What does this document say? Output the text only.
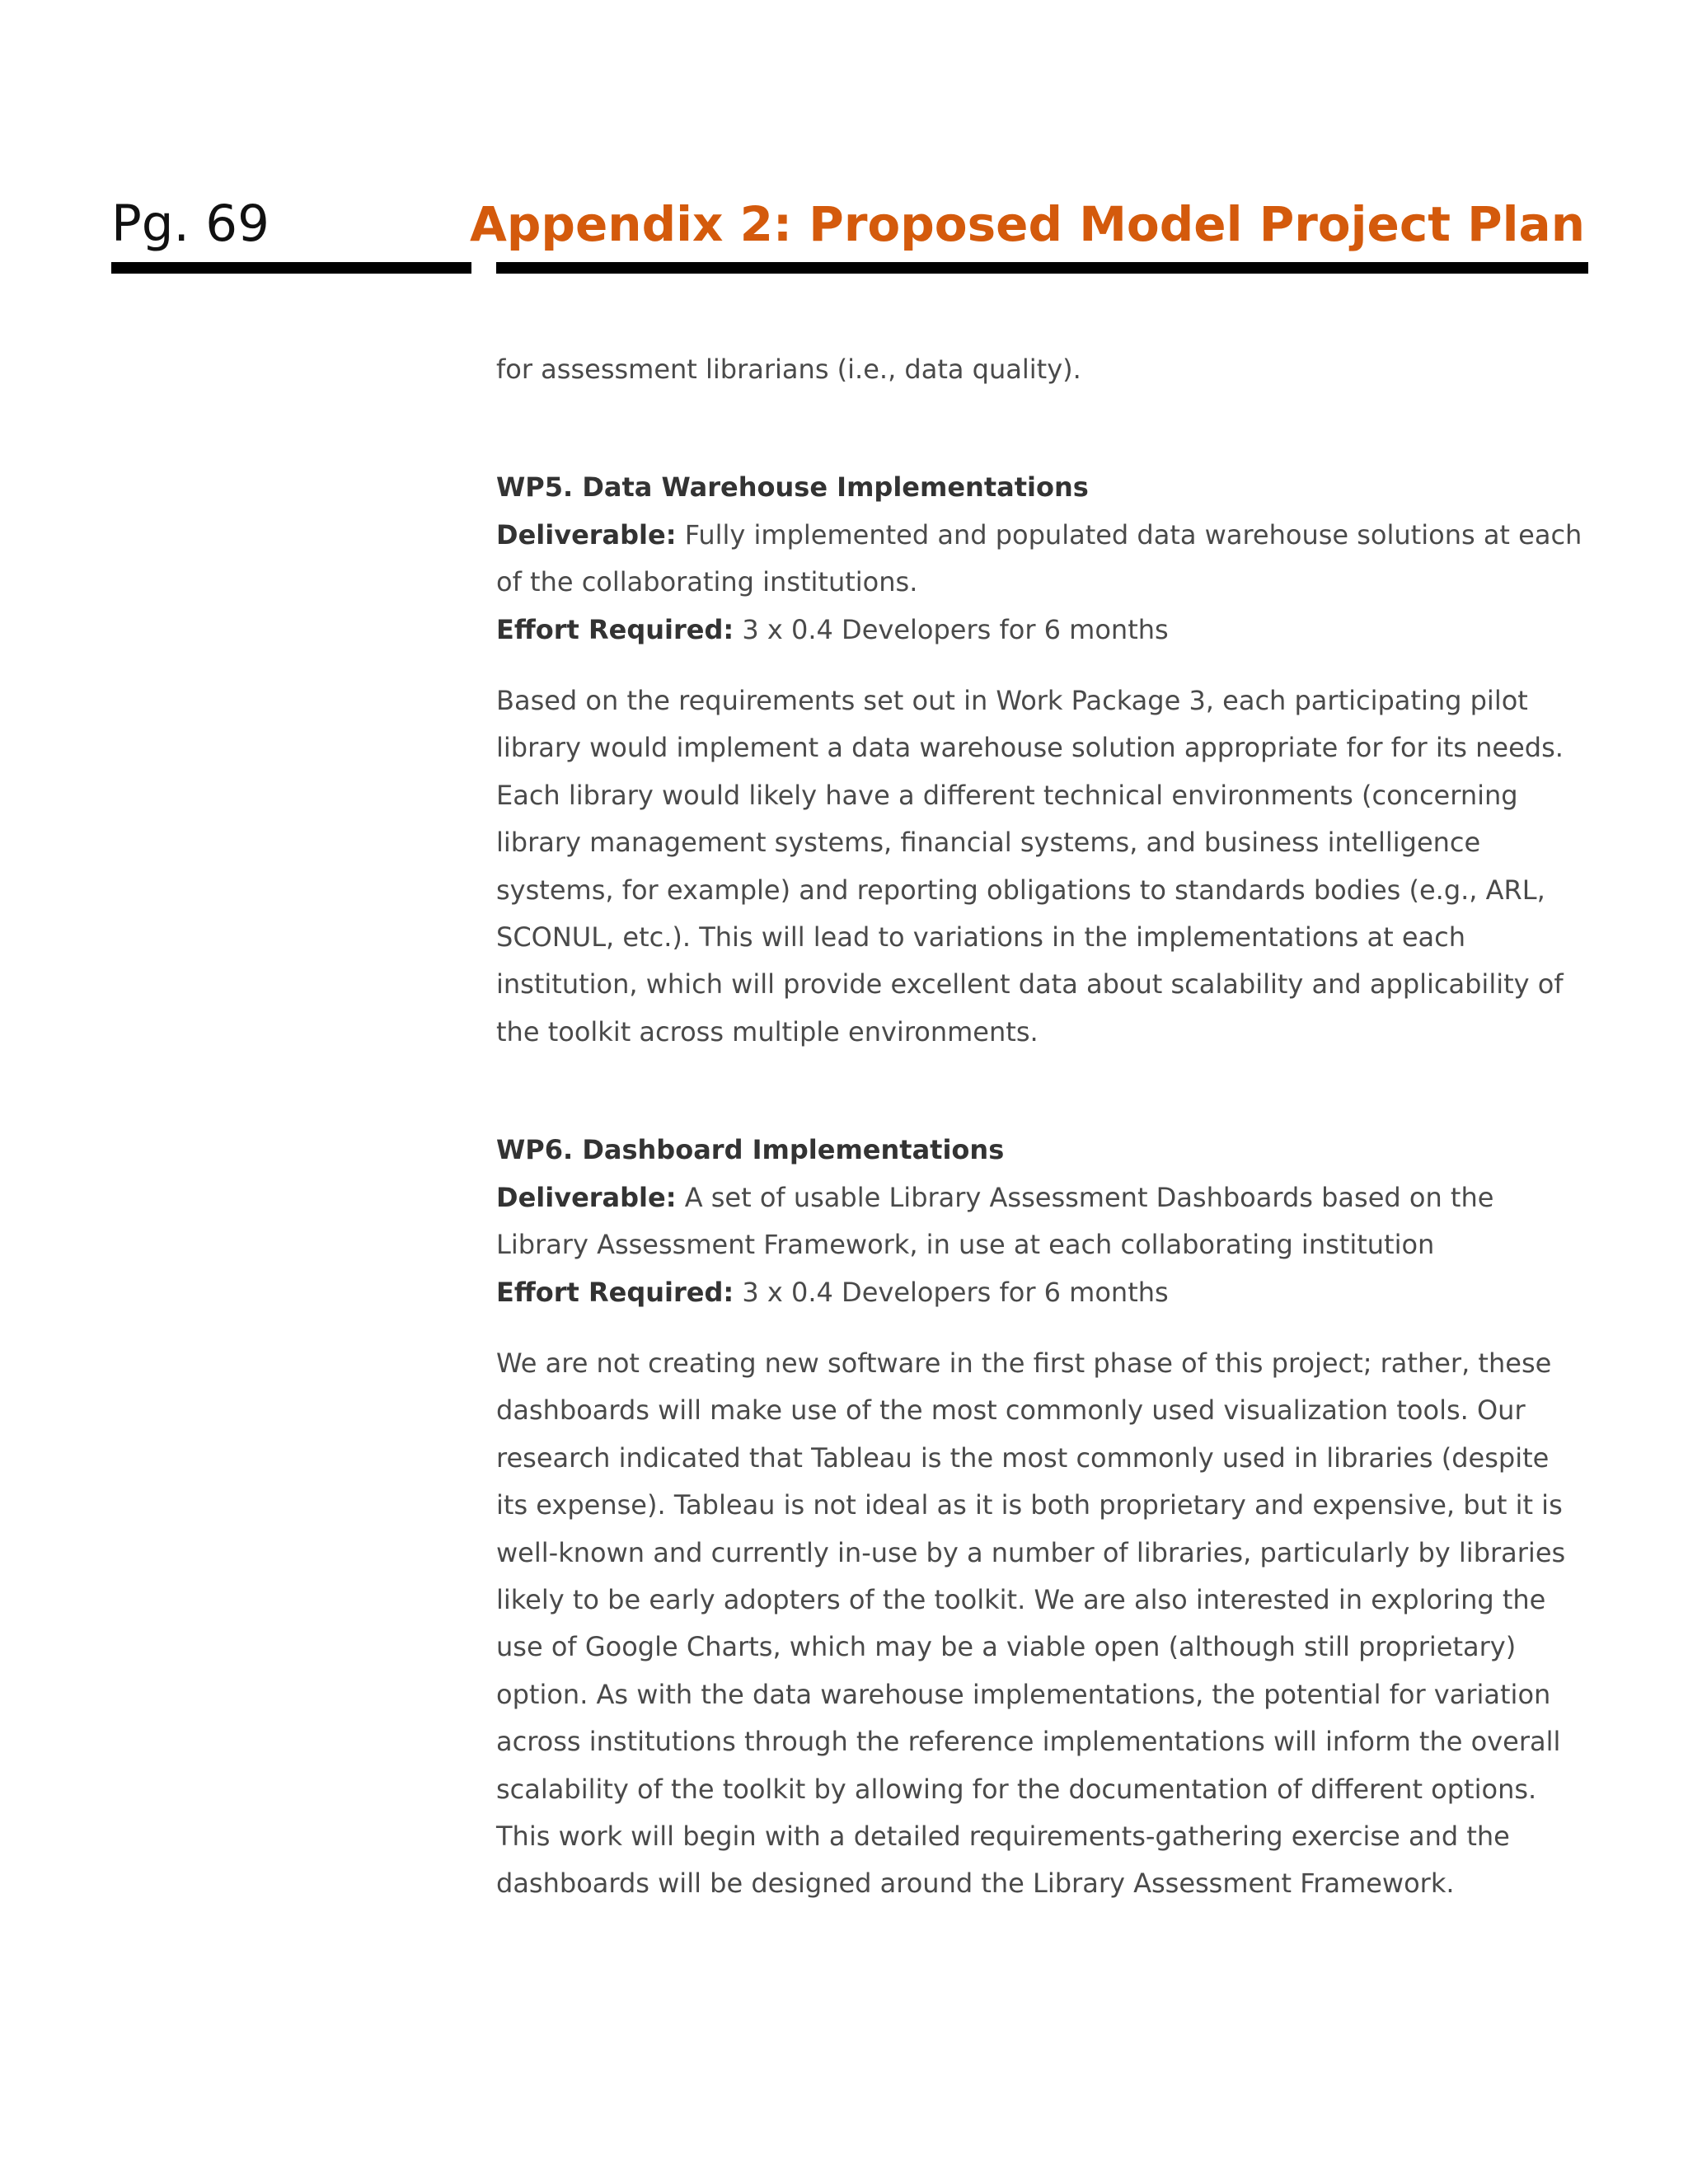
Pg. 69	Appendix 2: Proposed Model Project Plan

for assessment librarians (i.e., data quality).

WP5. Data Warehouse Implementations

Deliverable: Fully implemented and populated data warehouse solutions at each of the collaborating institutions.

Effort Required: 3 x 0.4 Developers for 6 months

Based on the requirements set out in Work Package 3, each participating pilot library would implement a data warehouse solution appropriate for for its needs. Each library would likely have a different technical environments (concerning library management systems, financial systems, and business intelligence systems, for example) and reporting obligations to standards bodies (e.g., ARL, SCONUL, etc.). This will lead to variations in the implementations at each institution, which will provide excellent data about scalability and applicability of the toolkit across multiple environments.

WP6. Dashboard Implementations

Deliverable: A set of usable Library Assessment Dashboards based on the Library Assessment Framework, in use at each collaborating institution

Effort Required: 3 x 0.4 Developers for 6 months

We are not creating new software in the first phase of this project; rather, these dashboards will make use of the most commonly used visualization tools. Our research indicated that Tableau is the most commonly used in libraries (despite its expense). Tableau is not ideal as it is both proprietary and expensive, but it is well-known and currently in-use by a number of libraries, particularly by libraries likely to be early adopters of the toolkit. We are also interested in exploring the use of Google Charts, which may be a viable open (although still proprietary) option. As with the data warehouse implementations, the potential for variation across institutions through the reference implementations will inform the overall scalability of the toolkit by allowing for the documentation of different options. This work will begin with a detailed requirements-gathering exercise and the dashboards will be designed around the Library Assessment Framework.
